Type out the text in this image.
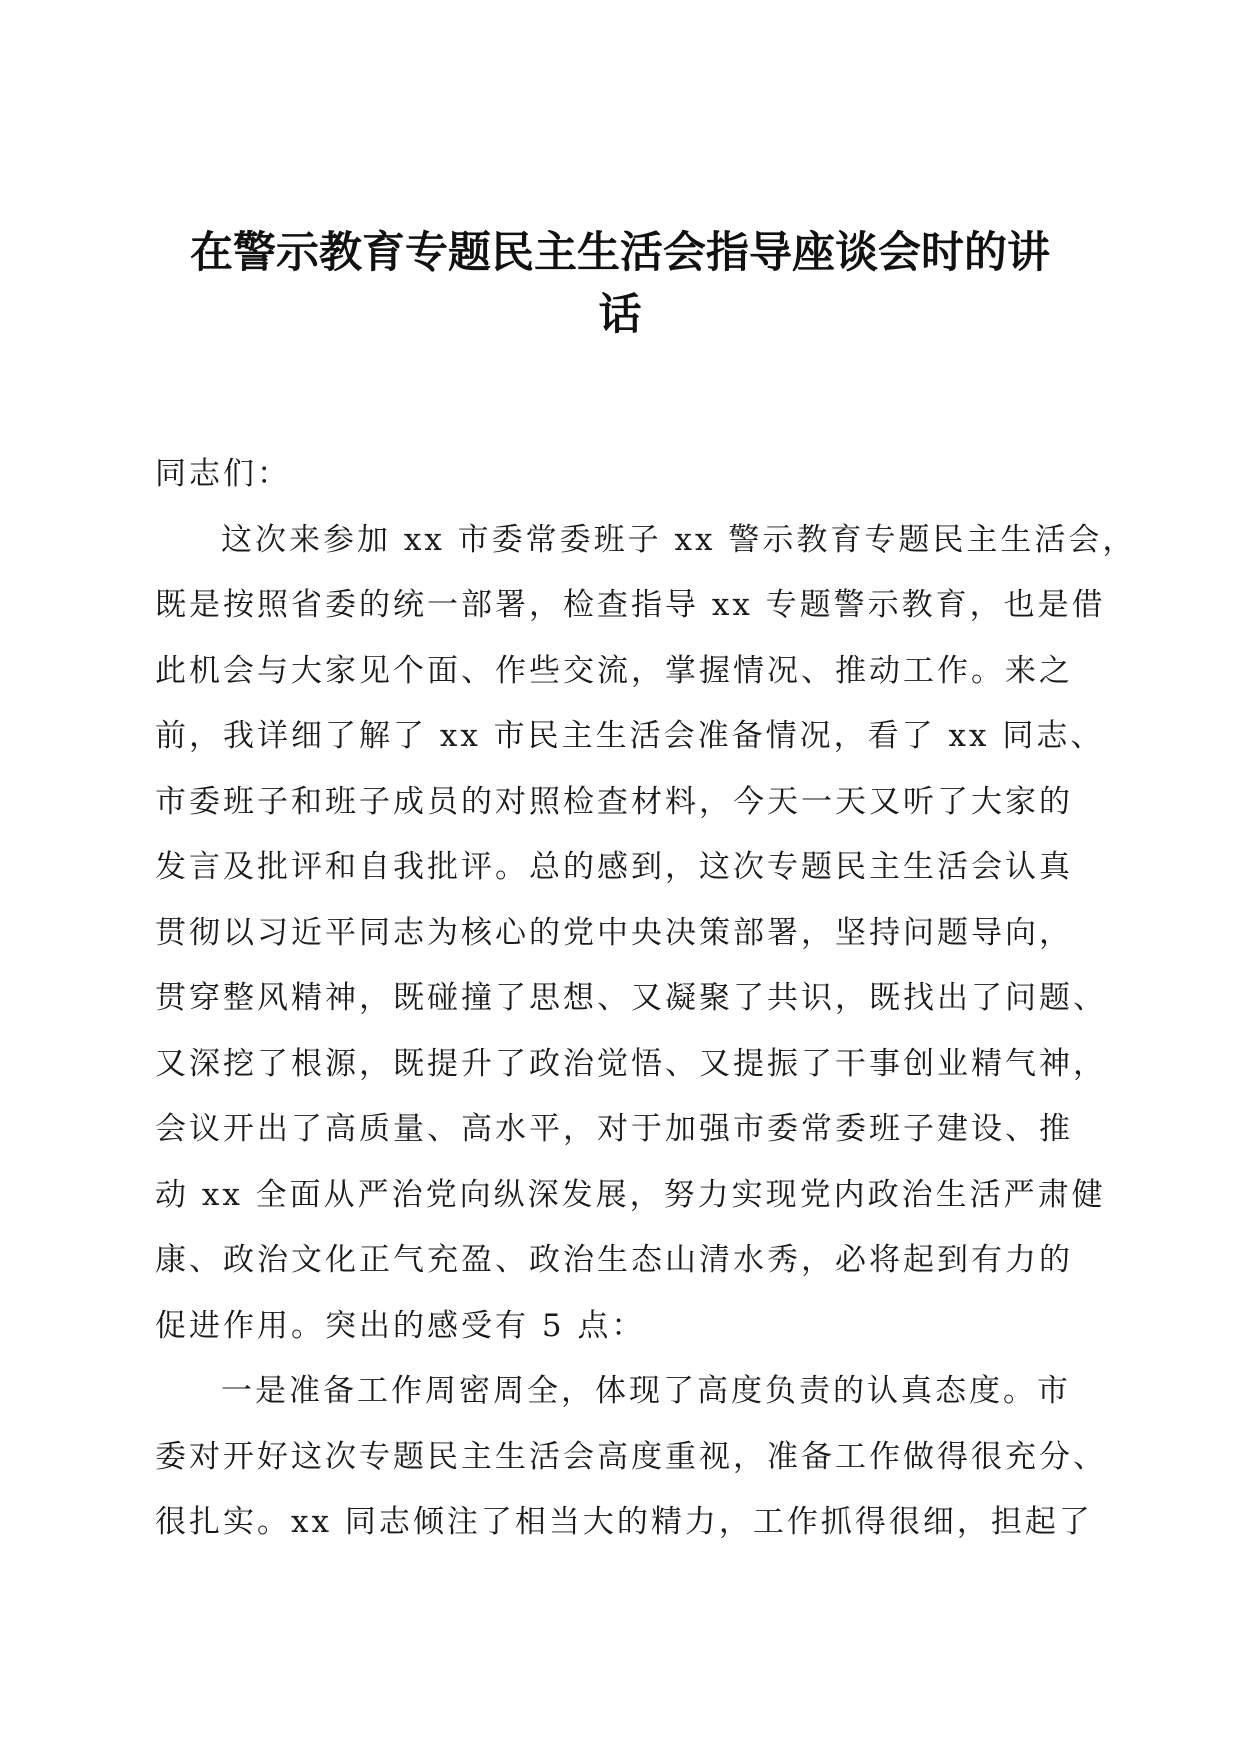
在警示教育专题民主生活会指导座谈会时的讲
话
同志们：
这次来参加 xx 市委常委班子 xx 警示教育专题民主生活会，
既是按照省委的统一部署，检查指导 xx 专题警示教育，也是借
此机会与大家见个面、作些交流，掌握情况、推动工作。来之
前，我详细了解了 xx 市民主生活会准备情况，看了 xx 同志、
市委班子和班子成员的对照检查材料，今天一天又听了大家的
发言及批评和自我批评。总的感到，这次专题民主生活会认真
贯彻以习近平同志为核心的党中央决策部署，坚持问题导向，
贯穿整风精神，既碰撞了思想、又凝聚了共识，既找出了问题、
又深挖了根源，既提升了政治觉悟、又提振了干事创业精气神，
会议开出了高质量、高水平，对于加强市委常委班子建设、推
动 xx 全面从严治党向纵深发展，努力实现党内政治生活严肃健
康、政治文化正气充盈、政治生态山清水秀，必将起到有力的
促进作用。突出的感受有 5 点：
一是准备工作周密周全，体现了高度负责的认真态度。市
委对开好这次专题民主生活会高度重视，准备工作做得很充分、
很扎实。xx 同志倾注了相当大的精力，工作抓得很细，担起了
